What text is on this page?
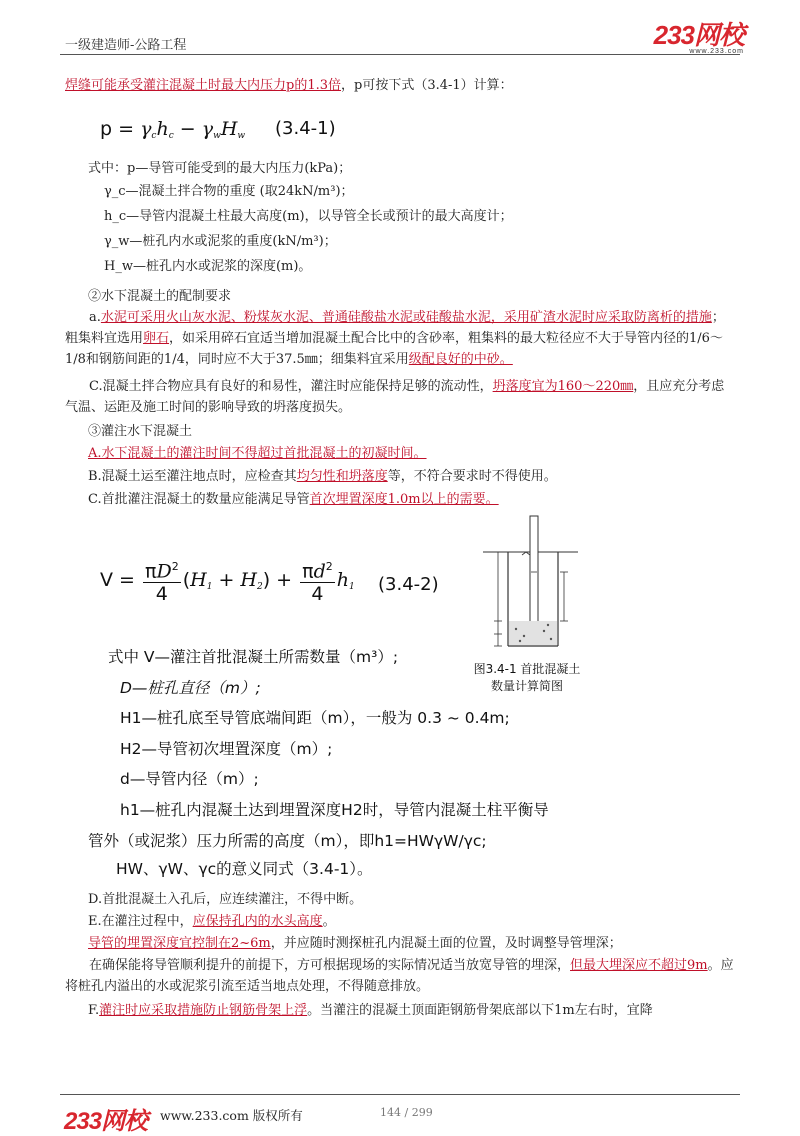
一级建造师-公路工程	233网校
www.233.com
焊缝可能承受灌注混凝土时最大内压力p的1.3倍，p可按下式（3.4-1）计算：
$p = \gamma_ch_c - \gamma_wH_w$ (3.4-1)
式中：p—导管可能受到的最大内压力(kPa)；
γ_c—混凝土拌合物的重度 (取24kN/m³)；
h_c—导管内混凝土柱最大高度(m)，以导管全长或预计的最大高度计；
γ_w—桩孔内水或泥浆的重度(kN/m³)；
H_w—桩孔内水或泥浆的深度(m)。
②水下混凝土的配制要求
a.水泥可采用火山灰水泥、粉煤灰水泥、普通硅酸盐水泥或硅酸盐水泥，采用矿渣水泥时应采取防离析的措施；粗集料宜选用卵石，如采用碎石宜适当增加混凝土配合比中的含砂率，粗集料的最大粒径应不大于导管内径的1/6～1/8和钢筋间距的1/4，同时应不大于37.5㎜；细集料宜采用级配良好的中砂。
C.混凝土拌合物应具有良好的和易性，灌注时应能保持足够的流动性，坍落度宜为160～220㎜，且应充分考虑气温、运距及施工时间的影响导致的坍落度损失。
③灌注水下混凝土
A.水下混凝土的灌注时间不得超过首批混凝土的初凝时间。
B.混凝土运至灌注地点时，应检查其均匀性和坍落度等，不符合要求时不得使用。
C.首批灌注混凝土的数量应能满足导管首次埋置深度1.0m以上的需要。
$V = \frac{\pi D^2}{4} (H_1 + H_2) + \frac{\pi d^2}{4} h_1$ (3.4-2)
图3.4-1 首批混凝土
数量计算简图
式中 V—灌注首批混凝土所需数量（m³）;
D—桩孔直径（m）;
H1—桩孔底至导管底端间距（m），一般为 0.3 ~ 0.4m;
H2—导管初次埋置深度（m）;
d—导管内径（m）;
h1—桩孔内混凝土达到埋置深度H2时，导管内混凝土柱平衡导
管外（或泥浆）压力所需的高度（m），即h1=HWγW/γc;
HW、γW、γc的意义同式（3.4-1）。
D.首批混凝土入孔后，应连续灌注，不得中断。
E.在灌注过程中，应保持孔内的水头高度。
导管的埋置深度宜控制在2~6m，并应随时测探桩孔内混凝土面的位置，及时调整导管埋深；
在确保能将导管顺利提升的前提下，方可根据现场的实际情况适当放宽导管的埋深，但最大埋深应不超过9m。应将桩孔内溢出的水或泥浆引流至适当地点处理，不得随意排放。
F.灌注时应采取措施防止钢筋骨架上浮。当灌注的混凝土顶面距钢筋骨架底部以下1m左右时，宜降
233网校 www.233.com 版权所有	144 / 299
